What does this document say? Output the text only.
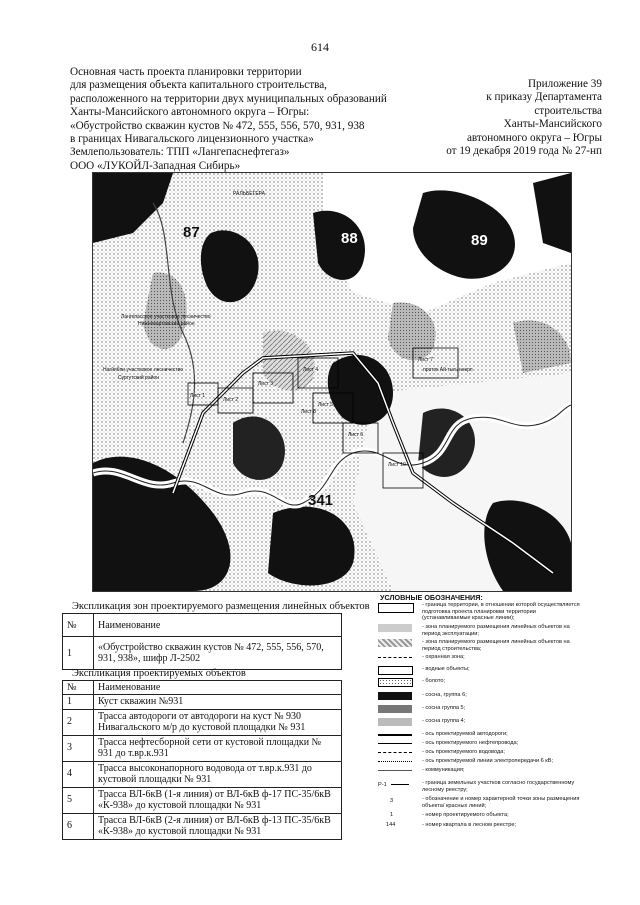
614
Основная часть проекта планировки территории
для размещения объекта капитального строительства,
расположенного на территории двух муниципальных образований
Ханты-Мансийского автономного округа – Югры:
«Обустройство скважин кустов № 472, 555, 556, 570, 931, 938
в границах Нивагальского лицензионного участка»
Землепользователь: ТПП «Лангепаснефтегаз»
ООО «ЛУКОЙЛ-Западная Сибирь»
Приложение 39
к приказу Департамента
строительства
Ханты-Мансийского
автономного округа – Югры
от 19 декабря 2019 года № 27-нп
87	88	89
341
РАЛЬБЕГЕРА
Лангепасское участковое лесничество
Нижневартовский район
Нагйябпи участковое лесничество
Сургутский район
проток Ай-тыгыннерп
Лист 1
Лист 2
Лист 3
Лист 4
Лист 5
Лист 6
Лист 7
Лист 8
Лист 10
УСЛОВНЫЕ ОБОЗНАЧЕНИЯ:
- граница территории, в отношении которой осуществляется подготовка проекта планировки территории (устанавливаемые красные линии);
- зона планируемого размещения линейных объектов на период эксплуатации;
- зона планируемого размещения линейных объектов на период строительства;
- охранная зона;
- водные объекты;
- болото;
- сосна, группа 6;
- сосна группа 5;
- сосна группа 4;
- ось проектируемой автодороги;
- ось проектируемого нефтепровода;
- ось проектируемого водовода;
- ось проектируемой линии электропередачи 6 кВ;
- коммуникация;
P-1	- граница земельных участков согласно государственному лесному реестру;
3	- обозначение и номер характерной точки зоны размещения объекта/ красных линий;
1	- номер проектируемого объекта;
144	- номер квартала в лесном реестре;
Экспликация зон проектируемого размещения линейных объектов
№	Наименование
1	«Обустройство скважин кустов № 472, 555, 556, 570, 931, 938», шифр Л-2502
Экспликация проектируемых объектов
№	Наименование
1	Куст скважин №931
2	Трасса автодороги от автодороги на куст № 930 Нивагальского м/р до кустовой площадки № 931
3	Трасса нефтесборной сети от кустовой площадки № 931 до т.вр.к.931
4	Трасса высоконапорного водовода от т.вр.к.931 до кустовой площадки № 931
5	Трасса ВЛ-6кВ (1-я линия) от ВЛ-6кВ ф-17 ПС-35/6кВ «К-938» до кустовой площадки № 931
6	Трасса ВЛ-6кВ (2-я линия) от ВЛ-6кВ ф-13 ПС-35/6кВ «К-938» до кустовой площадки № 931
